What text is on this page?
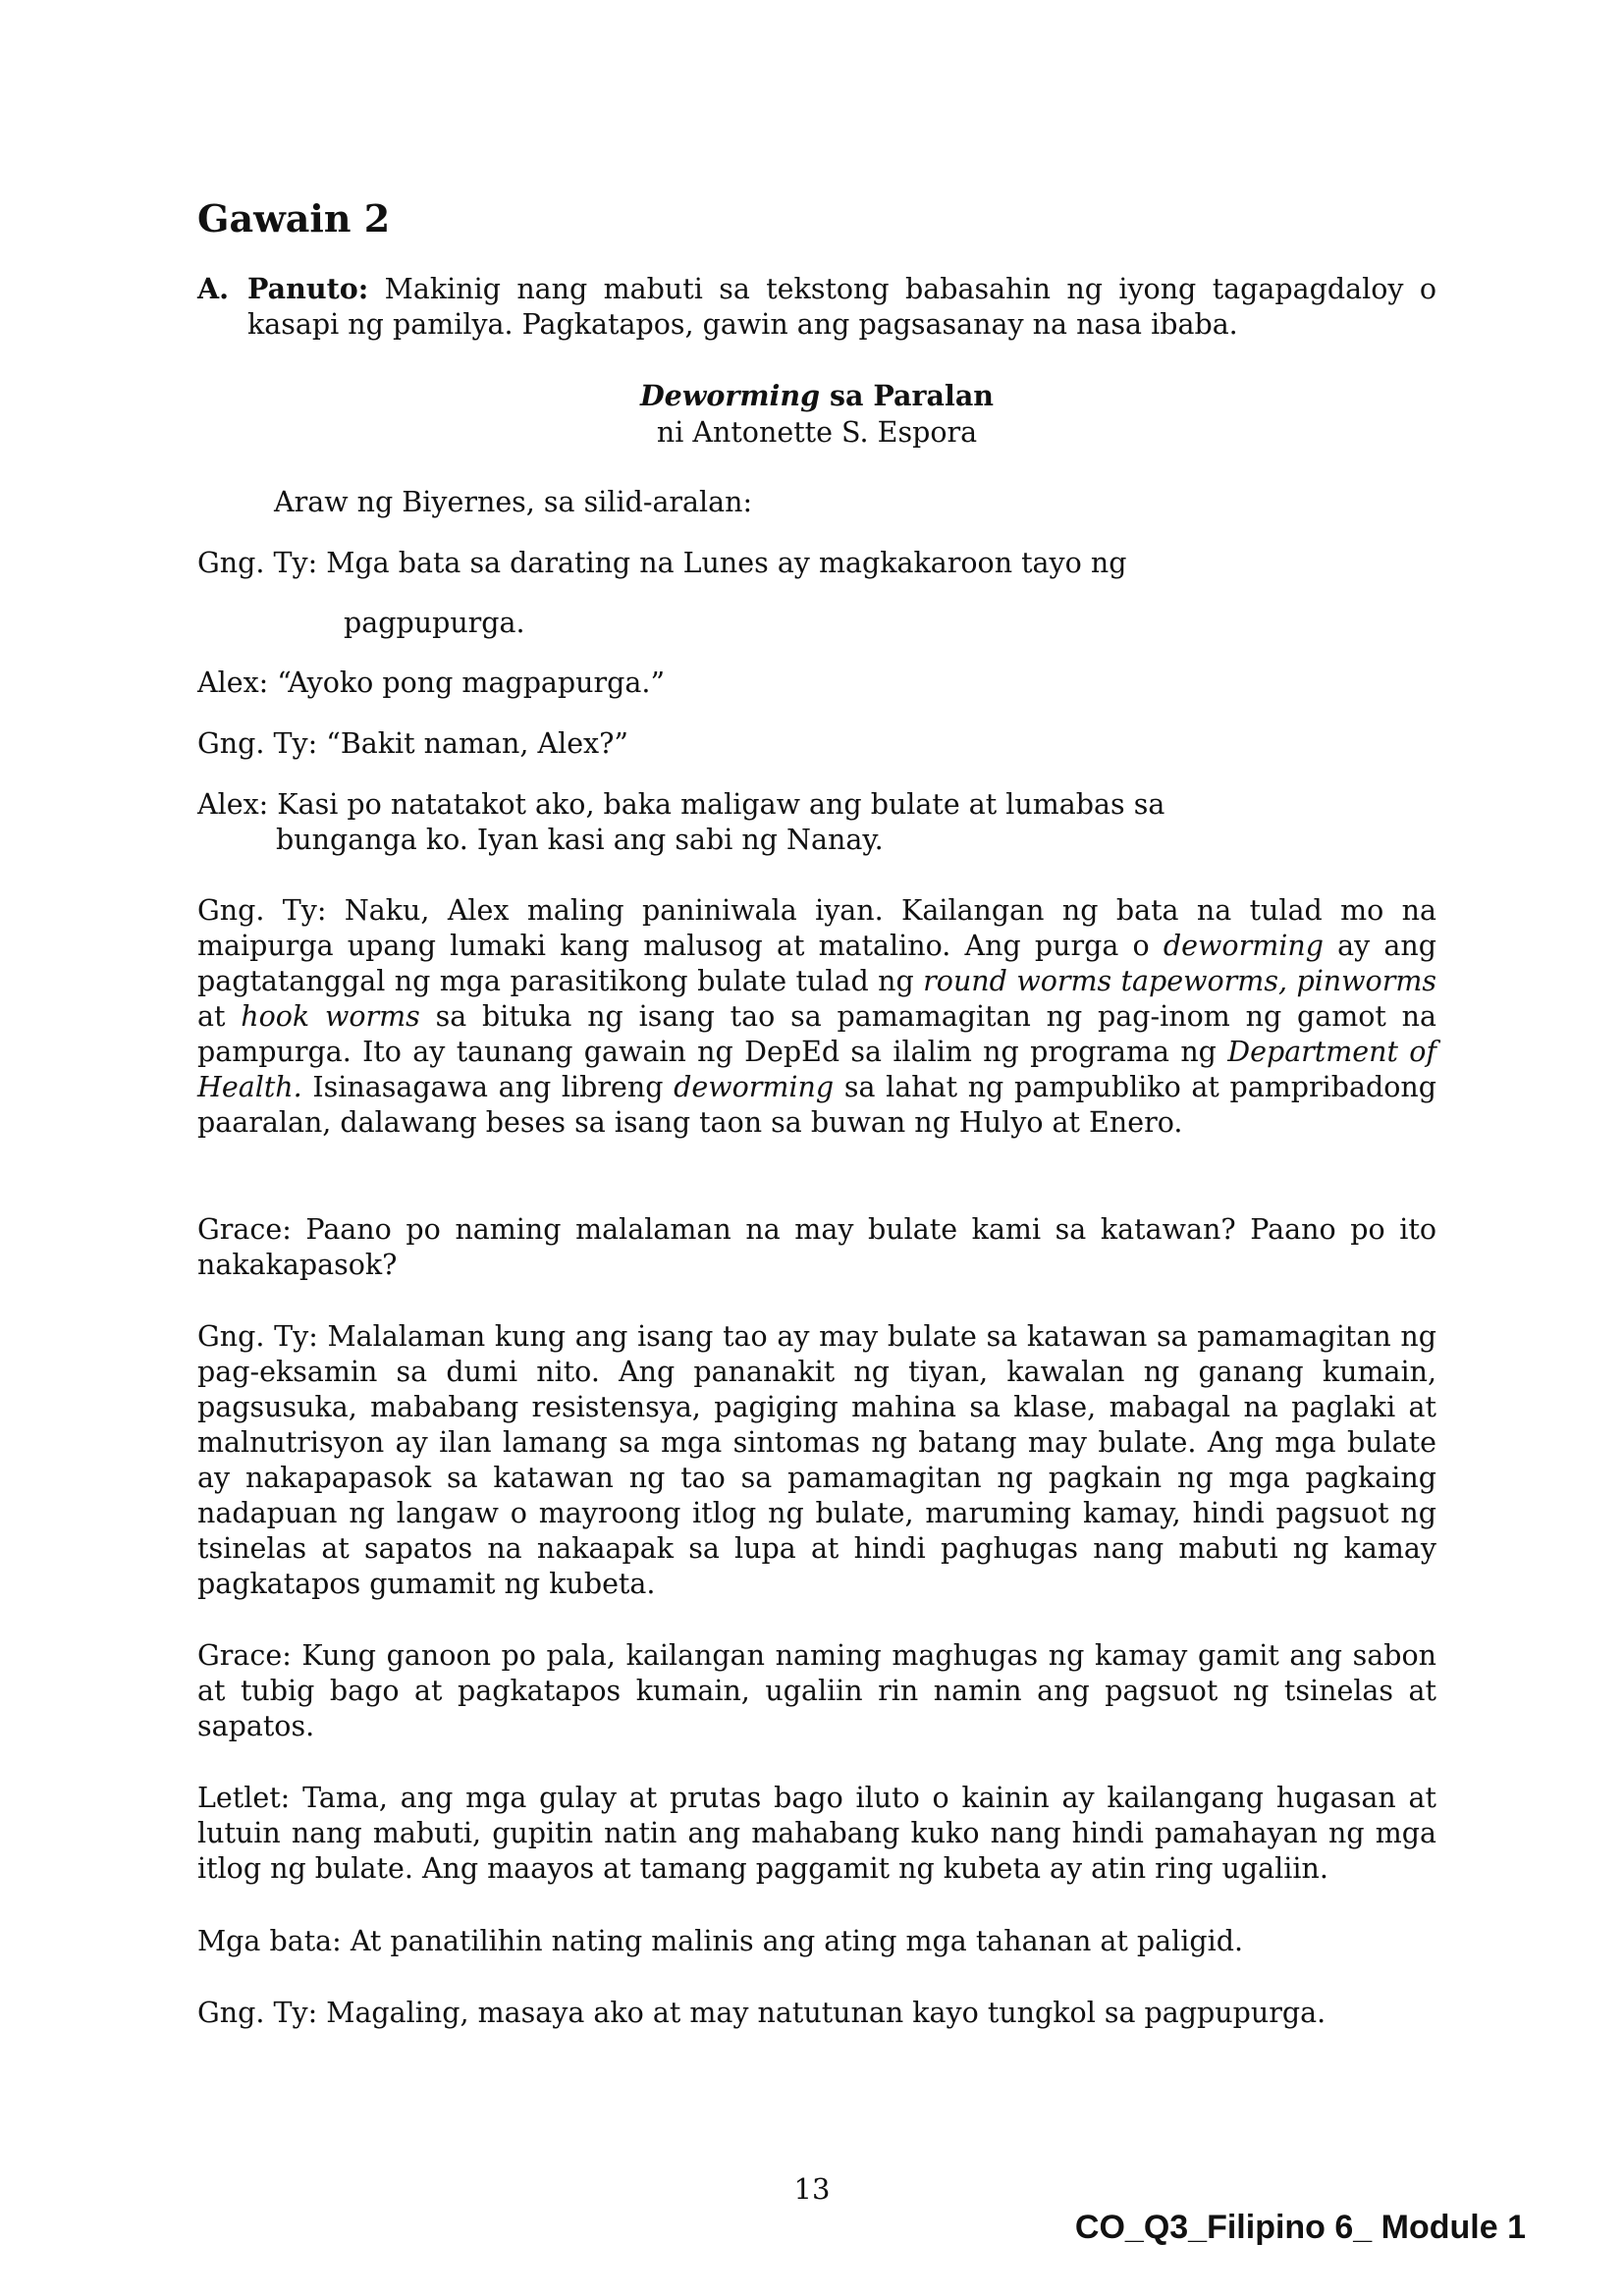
Gawain 2
A. Panuto: Makinig nang mabuti sa tekstong babasahin ng iyong tagapagdaloy o kasapi ng pamilya. Pagkatapos, gawin ang pagsasanay na nasa ibaba.
Deworming sa Paralan
ni Antonette S. Espora
Araw ng Biyernes, sa silid-aralan:
Gng. Ty: Mga bata sa darating na Lunes ay magkakaroon tayo ng
pagpupurga.
Alex: “Ayoko pong magpapurga.”
Gng. Ty: “Bakit naman, Alex?”
Alex: Kasi po natatakot ako, baka maligaw ang bulate at lumabas sa
bunganga ko. Iyan kasi ang sabi ng Nanay.
Gng. Ty: Naku, Alex maling paniniwala iyan. Kailangan ng bata na tulad mo na maipurga upang lumaki kang malusog at matalino. Ang purga o deworming ay ang pagtatanggal ng mga parasitikong bulate tulad ng round worms tapeworms, pinworms at hook worms sa bituka ng isang tao sa pamamagitan ng pag-inom ng gamot na pampurga. Ito ay taunang gawain ng DepEd sa ilalim ng programa ng Department of Health. Isinasagawa ang libreng deworming sa lahat ng pampubliko at pampribadong paaralan, dalawang beses sa isang taon sa buwan ng Hulyo at Enero.
Grace: Paano po naming malalaman na may bulate kami sa katawan? Paano po ito nakakapasok?
Gng. Ty: Malalaman kung ang isang tao ay may bulate sa katawan sa pamamagitan ng pag-eksamin sa dumi nito. Ang pananakit ng tiyan, kawalan ng ganang kumain, pagsusuka, mababang resistensya, pagiging mahina sa klase, mabagal na paglaki at malnutrisyon ay ilan lamang sa mga sintomas ng batang may bulate. Ang mga bulate ay nakapapasok sa katawan ng tao sa pamamagitan ng pagkain ng mga pagkaing nadapuan ng langaw o mayroong itlog ng bulate, maruming kamay, hindi pagsuot ng tsinelas at sapatos na nakaapak sa lupa at hindi paghugas nang mabuti ng kamay pagkatapos gumamit ng kubeta.
Grace: Kung ganoon po pala, kailangan naming maghugas ng kamay gamit ang sabon at tubig bago at pagkatapos kumain, ugaliin rin namin ang pagsuot ng tsinelas at sapatos.
Letlet: Tama, ang mga gulay at prutas bago iluto o kainin ay kailangang hugasan at lutuin nang mabuti, gupitin natin ang mahabang kuko nang hindi pamahayan ng mga itlog ng bulate. Ang maayos at tamang paggamit ng kubeta ay atin ring ugaliin.
Mga bata: At panatilihin nating malinis ang ating mga tahanan at paligid.
Gng. Ty: Magaling, masaya ako at may natutunan kayo tungkol sa pagpupurga.
13
CO_Q3_Filipino 6_ Module 1
